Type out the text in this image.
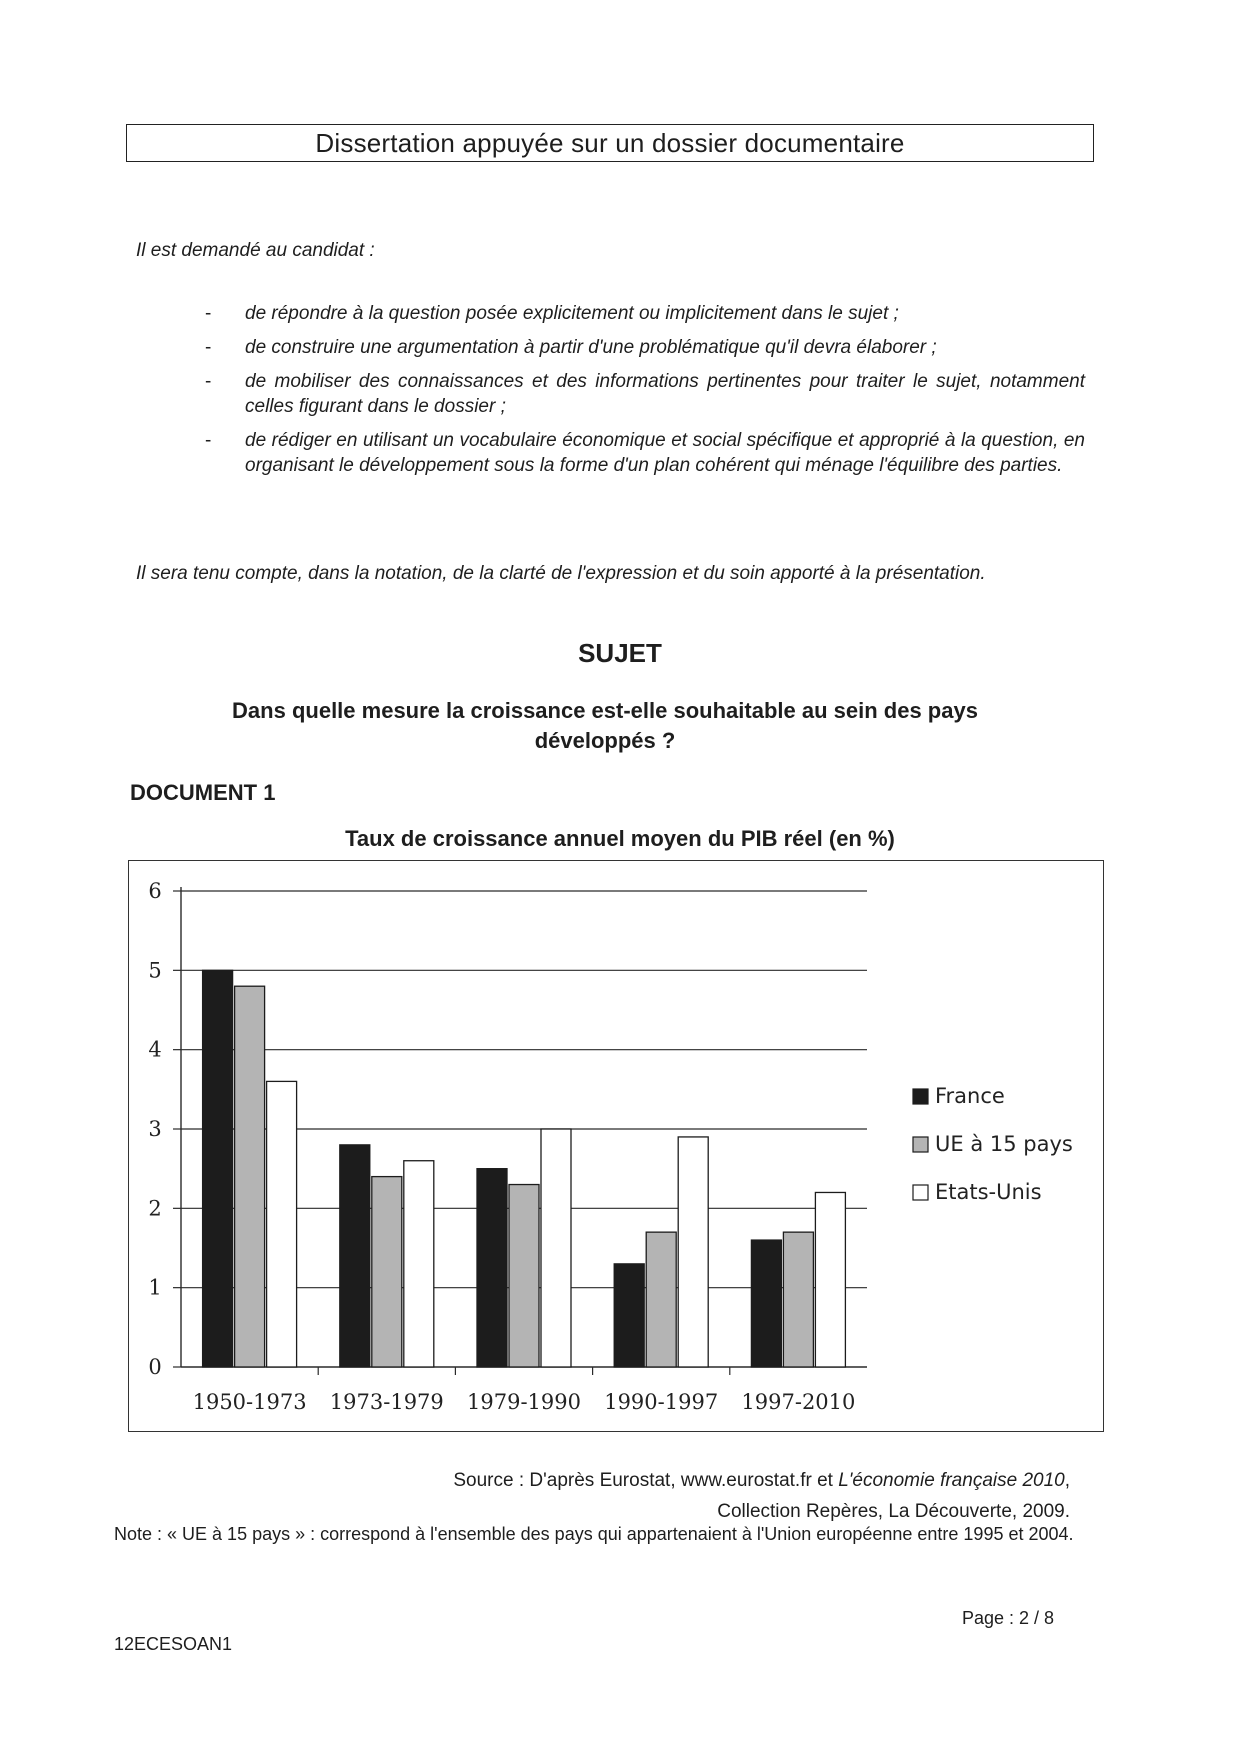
Dissertation appuyée sur un dossier documentaire
Il est demandé au candidat :
- de répondre à la question posée explicitement ou implicitement dans le sujet ;
- de construire une argumentation à partir d'une problématique qu'il devra élaborer ;
- de mobiliser des connaissances et des informations pertinentes pour traiter le sujet, notamment celles figurant dans le dossier ;
- de rédiger en utilisant un vocabulaire économique et social spécifique et approprié à la question, en organisant le développement sous la forme d'un plan cohérent qui ménage l'équilibre des parties.
Il sera tenu compte, dans la notation, de la clarté de l'expression et du soin apporté à la présentation.
SUJET
Dans quelle mesure la croissance est-elle souhaitable au sein des pays développés ?
DOCUMENT 1
Taux de croissance annuel moyen du PIB réel (en %)
0
1
2
3
4
5
6
1950-1973 1973-1979 1979-1990 1990-1997 1997-2010
France
UE à 15 pays
Etats-Unis
Source : D'après Eurostat, www.eurostat.fr et L'économie française 2010,
Collection Repères, La Découverte, 2009.
Note : « UE à 15 pays » : correspond à l'ensemble des pays qui appartenaient à l'Union européenne entre 1995 et 2004.
Page : 2 / 8
12ECESOAN1
